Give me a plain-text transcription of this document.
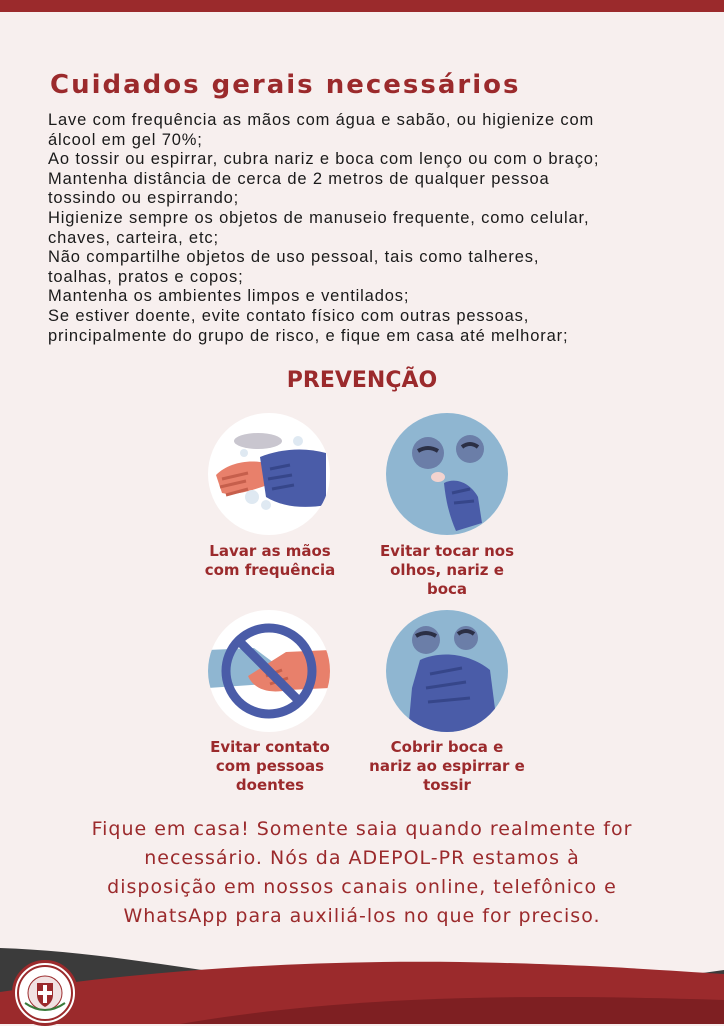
Cuidados gerais necessários
Lave com frequência as mãos com água e sabão, ou higienize com
álcool em gel 70%;
Ao tossir ou espirrar, cubra nariz e boca com lenço ou com o braço;
Mantenha distância de cerca de 2 metros de qualquer pessoa
tossindo ou espirrando;
Higienize sempre os objetos de manuseio frequente, como celular,
chaves, carteira, etc;
Não compartilhe objetos de uso pessoal, tais como talheres,
toalhas, pratos e copos;
Mantenha os ambientes limpos e ventilados;
Se estiver doente, evite contato físico com outras pessoas,
principalmente do grupo de risco, e fique em casa até melhorar;
PREVENÇÃO
Lavar as mãos
com frequência
Evitar tocar nos
olhos, nariz e
boca
Evitar contato
com pessoas
doentes
Cobrir boca e
nariz ao espirrar e
tossir
Fique em casa! Somente saia quando realmente for
necessário. Nós da ADEPOL-PR estamos à
disposição em nossos canais online, telefônico e
WhatsApp para auxiliá-los no que for preciso.
